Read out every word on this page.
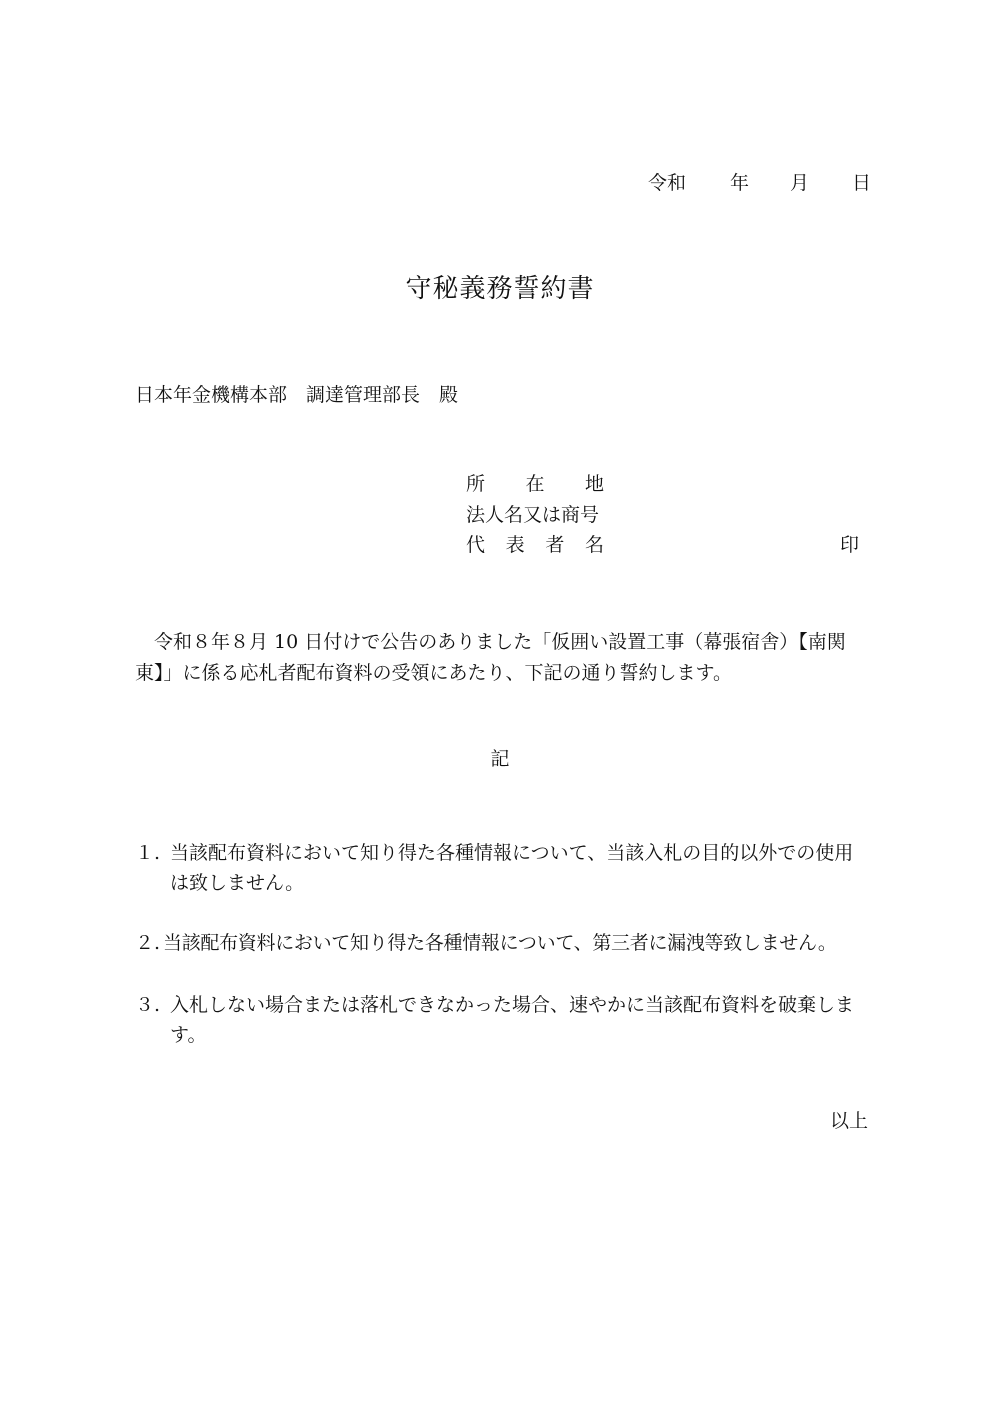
令和 年 月 日
守秘義務誓約書
日本年金機構本部　調達管理部長　殿
所在地
法人名又は商号
代表者名	印
令和８年８月 10 日付けで公告のありました「仮囲い設置工事（幕張宿舎）【南関東】」に係る応札者配布資料の受領にあたり、下記の通り誓約します。
記
１. 当該配布資料において知り得た各種情報について、当該入札の目的以外での使用は致しません。
２. 当該配布資料において知り得た各種情報について、第三者に漏洩等致しません。
３. 入札しない場合または落札できなかった場合、速やかに当該配布資料を破棄します。
以上
